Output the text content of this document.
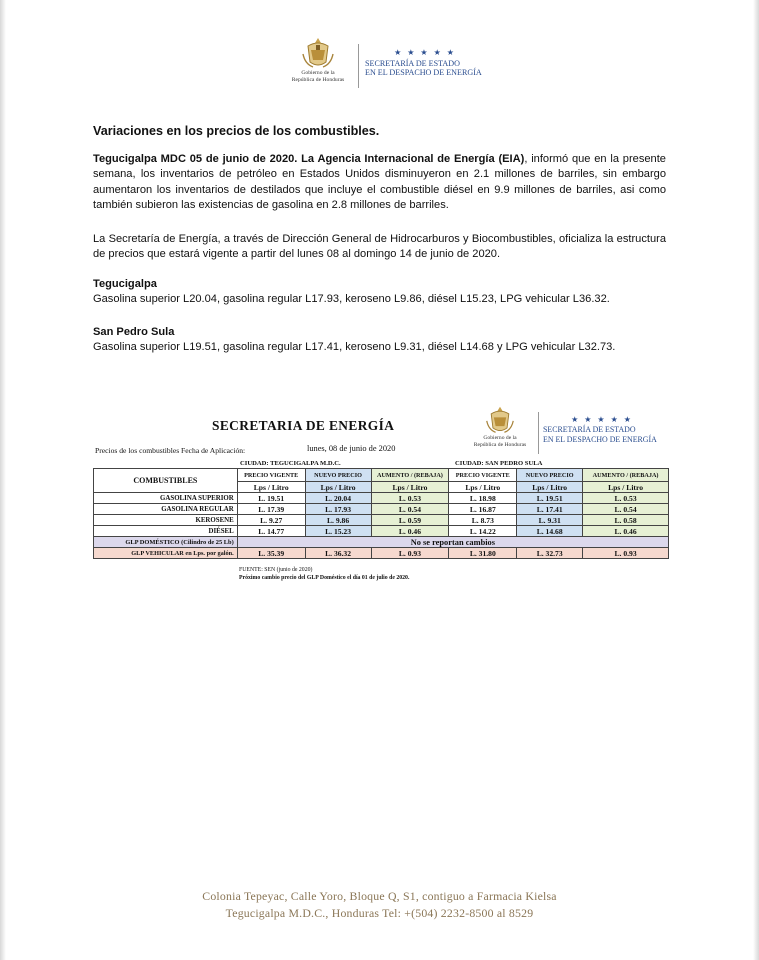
Gobierno de la
República de Honduras
★ ★ ★ ★ ★
SECRETARÍA DE ESTADO
EN EL DESPACHO DE ENERGÍA
Variaciones en los precios de los combustibles.
Tegucigalpa MDC 05 de junio de 2020. La Agencia Internacional de Energía (EIA), informó que en la presente semana, los inventarios de petróleo en Estados Unidos disminuyeron en 2.1 millones de barriles, sin embargo aumentaron los inventarios de destilados que incluye el combustible diésel en 9.9 millones de barriles, asi como también subieron las existencias de gasolina en 2.8 millones de barriles.
La Secretaría de Energía, a través de Dirección General de Hidrocarburos y Biocombustibles, oficializa la estructura de precios que estará vigente a partir del lunes 08 al domingo 14 de junio de 2020.
Tegucigalpa
Gasolina superior L20.04, gasolina regular L17.93, keroseno L9.86, diésel L15.23, LPG vehicular L36.32.
San Pedro Sula
Gasolina superior L19.51, gasolina regular L17.41, keroseno L9.31, diésel L14.68 y LPG vehicular L32.73.
SECRETARIA DE ENERGÍA
Precios de los combustibles Fecha de Aplicación:	lunes, 08 de junio de 2020
Gobierno de la
República de Honduras
★ ★ ★ ★ ★
SECRETARÍA DE ESTADO
EN EL DESPACHO DE ENERGÍA
CIUDAD: TEGUCIGALPA M.D.C.	CIUDAD: SAN PEDRO SULA
COMBUSTIBLES	PRECIO VIGENTE	NUEVO PRECIO	AUMENTO / (REBAJA)	PRECIO VIGENTE	NUEVO PRECIO	AUMENTO / (REBAJA)
	Lps / Litro	Lps / Litro	Lps / Litro	Lps / Litro	Lps / Litro	Lps / Litro
GASOLINA SUPERIOR	L. 19.51	L. 20.04	L. 0.53	L. 18.98	L. 19.51	L. 0.53
GASOLINA REGULAR	L. 17.39	L. 17.93	L. 0.54	L. 16.87	L. 17.41	L. 0.54
KEROSENE	L. 9.27	L. 9.86	L. 0.59	L. 8.73	L. 9.31	L. 0.58
DIÉSEL	L. 14.77	L. 15.23	L. 0.46	L. 14.22	L. 14.68	L. 0.46
GLP DOMÉSTICO (Cilindro de 25 Lb)	No se reportan cambios					
GLP VEHICULAR en Lps. por galón.	L. 35.39	L. 36.32	L. 0.93	L. 31.80	L. 32.73	L. 0.93
FUENTE: SEN (junio de 2020)
Próximo cambio precio del GLP Doméstico el día 01 de julio de 2020.
Colonia Tepeyac, Calle Yoro, Bloque Q, S1, contiguo a Farmacia Kielsa
Tegucigalpa M.D.C., Honduras Tel: +(504) 2232-8500 al 8529
